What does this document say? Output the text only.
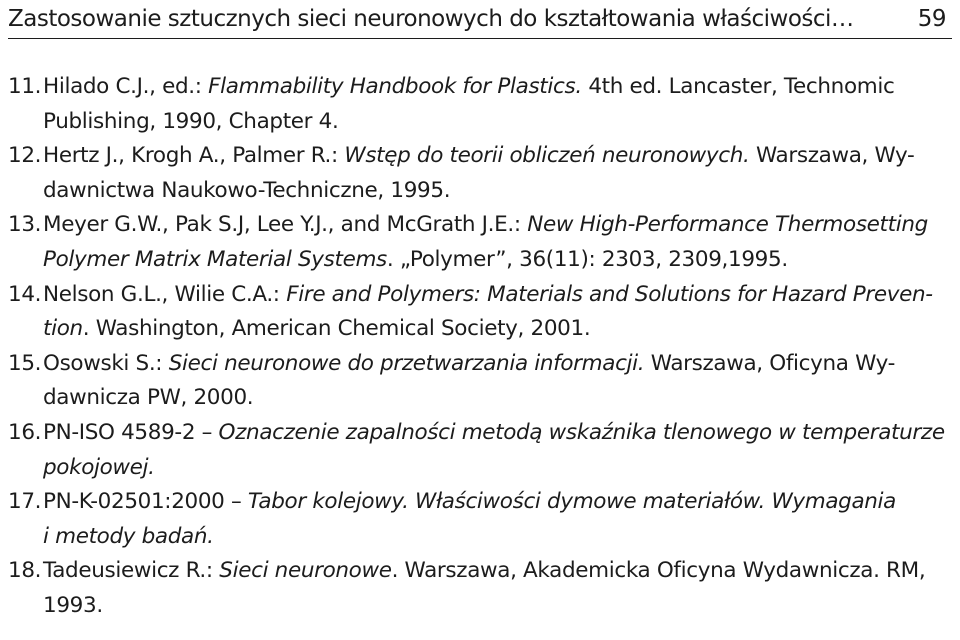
Zastosowanie sztucznych sieci neuronowych do kształtowania właściwości…	59
11. Hilado C.J., ed.: Flammability Handbook for Plastics. 4th ed. Lancaster, Technomic
Publishing, 1990, Chapter 4.
12. Hertz J., Krogh A., Palmer R.: Wstęp do teorii obliczeń neuronowych. Warszawa, Wy-
dawnictwa Naukowo-Techniczne, 1995.
13. Meyer G.W., Pak S.J, Lee Y.J., and McGrath J.E.: New High-Performance Thermosetting
Polymer Matrix Material Systems. „Polymer”, 36(11): 2303, 2309,1995.
14. Nelson G.L., Wilie C.A.: Fire and Polymers: Materials and Solutions for Hazard Preven-
tion. Washington, American Chemical Society, 2001.
15. Osowski S.: Sieci neuronowe do przetwarzania informacji. Warszawa, Oficyna Wy-
dawnicza PW, 2000.
16. PN-ISO 4589-2 – Oznaczenie zapalności metodą wskaźnika tlenowego w temperaturze
pokojowej.
17. PN-K-02501:2000 – Tabor kolejowy. Właściwości dymowe materiałów. Wymagania
i metody badań.
18. Tadeusiewicz R.: Sieci neuronowe. Warszawa, Akademicka Oficyna Wydawnicza. RM,
1993.
